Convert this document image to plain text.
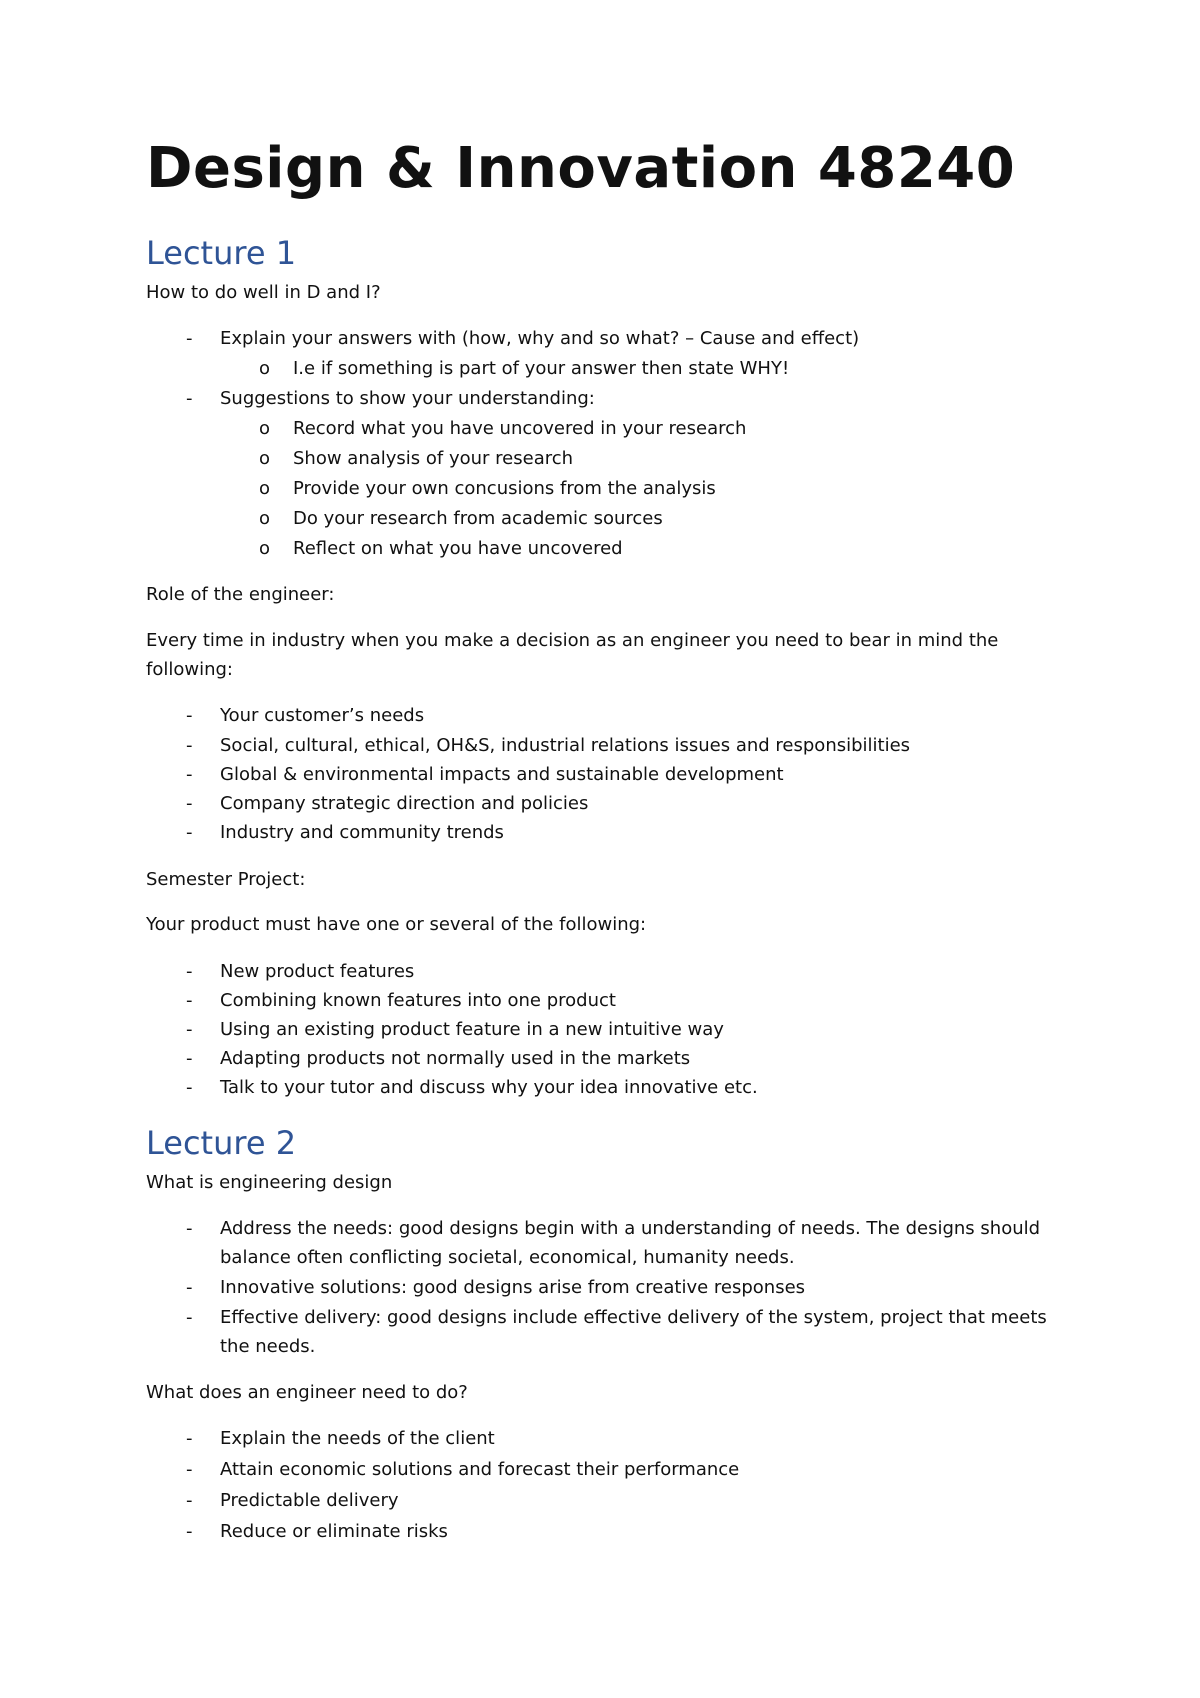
Design & Innovation 48240
Lecture 1
How to do well in D and I?
- Explain your answers with (how, why and so what? – Cause and effect)
o I.e if something is part of your answer then state WHY!
- Suggestions to show your understanding:
o Record what you have uncovered in your research
o Show analysis of your research
o Provide your own concusions from the analysis
o Do your research from academic sources
o Reflect on what you have uncovered
Role of the engineer:
Every time in industry when you make a decision as an engineer you need to bear in mind the
following:
- Your customer’s needs
- Social, cultural, ethical, OH&S, industrial relations issues and responsibilities
- Global & environmental impacts and sustainable development
- Company strategic direction and policies
- Industry and community trends
Semester Project:
Your product must have one or several of the following:
- New product features
- Combining known features into one product
- Using an existing product feature in a new intuitive way
- Adapting products not normally used in the markets
- Talk to your tutor and discuss why your idea innovative etc.
Lecture 2
What is engineering design
- Address the needs: good designs begin with a understanding of needs. The designs should
balance often conflicting societal, economical, humanity needs.
- Innovative solutions: good designs arise from creative responses
- Effective delivery: good designs include effective delivery of the system, project that meets
the needs.
What does an engineer need to do?
- Explain the needs of the client
- Attain economic solutions and forecast their performance
- Predictable delivery
- Reduce or eliminate risks
